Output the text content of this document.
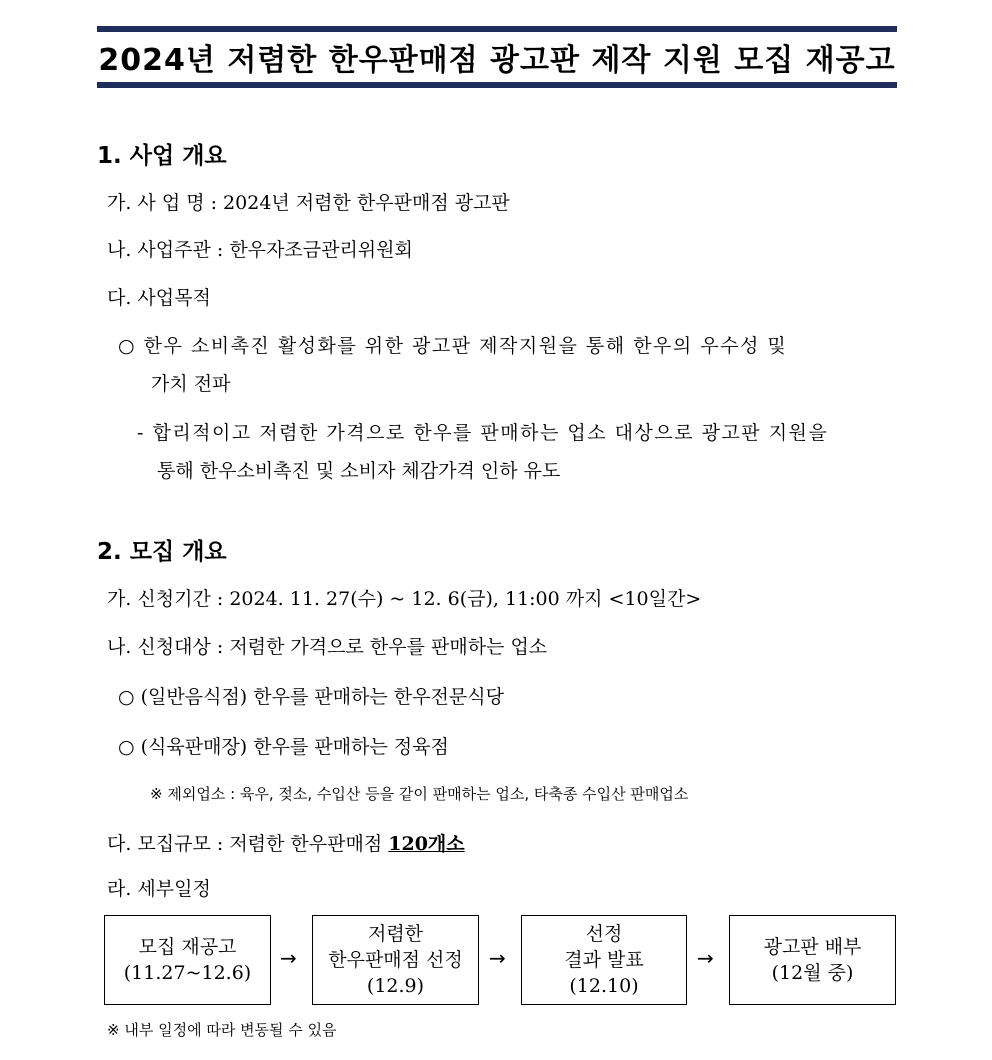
2024년 저렴한 한우판매점 광고판 제작 지원 모집 재공고
1. 사업 개요
가. 사 업 명 : 2024년 저렴한 한우판매점 광고판
나. 사업주관 : 한우자조금관리위원회
다. 사업목적
○ 한우 소비촉진 활성화를 위한 광고판 제작지원을 통해 한우의 우수성 및
가치 전파
- 합리적이고 저렴한 가격으로 한우를 판매하는 업소 대상으로 광고판 지원을
통해 한우소비촉진 및 소비자 체감가격 인하 유도
2. 모집 개요
가. 신청기간 : 2024. 11. 27(수) ~ 12. 6(금), 11:00 까지 <10일간>
나. 신청대상 : 저렴한 가격으로 한우를 판매하는 업소
○ (일반음식점) 한우를 판매하는 한우전문식당
○ (식육판매장) 한우를 판매하는 정육점
※ 제외업소 : 육우, 젖소, 수입산 등을 같이 판매하는 업소, 타축종 수입산 판매업소
다. 모집규모 : 저렴한 한우판매점 120개소
라. 세부일정
모집 재공고
(11.27~12.6)
→
저렴한
한우판매점 선정
(12.9)
→
선정
결과 발표
(12.10)
→	광고판 배부
(12월 중)
※ 내부 일정에 따라 변동될 수 있음
